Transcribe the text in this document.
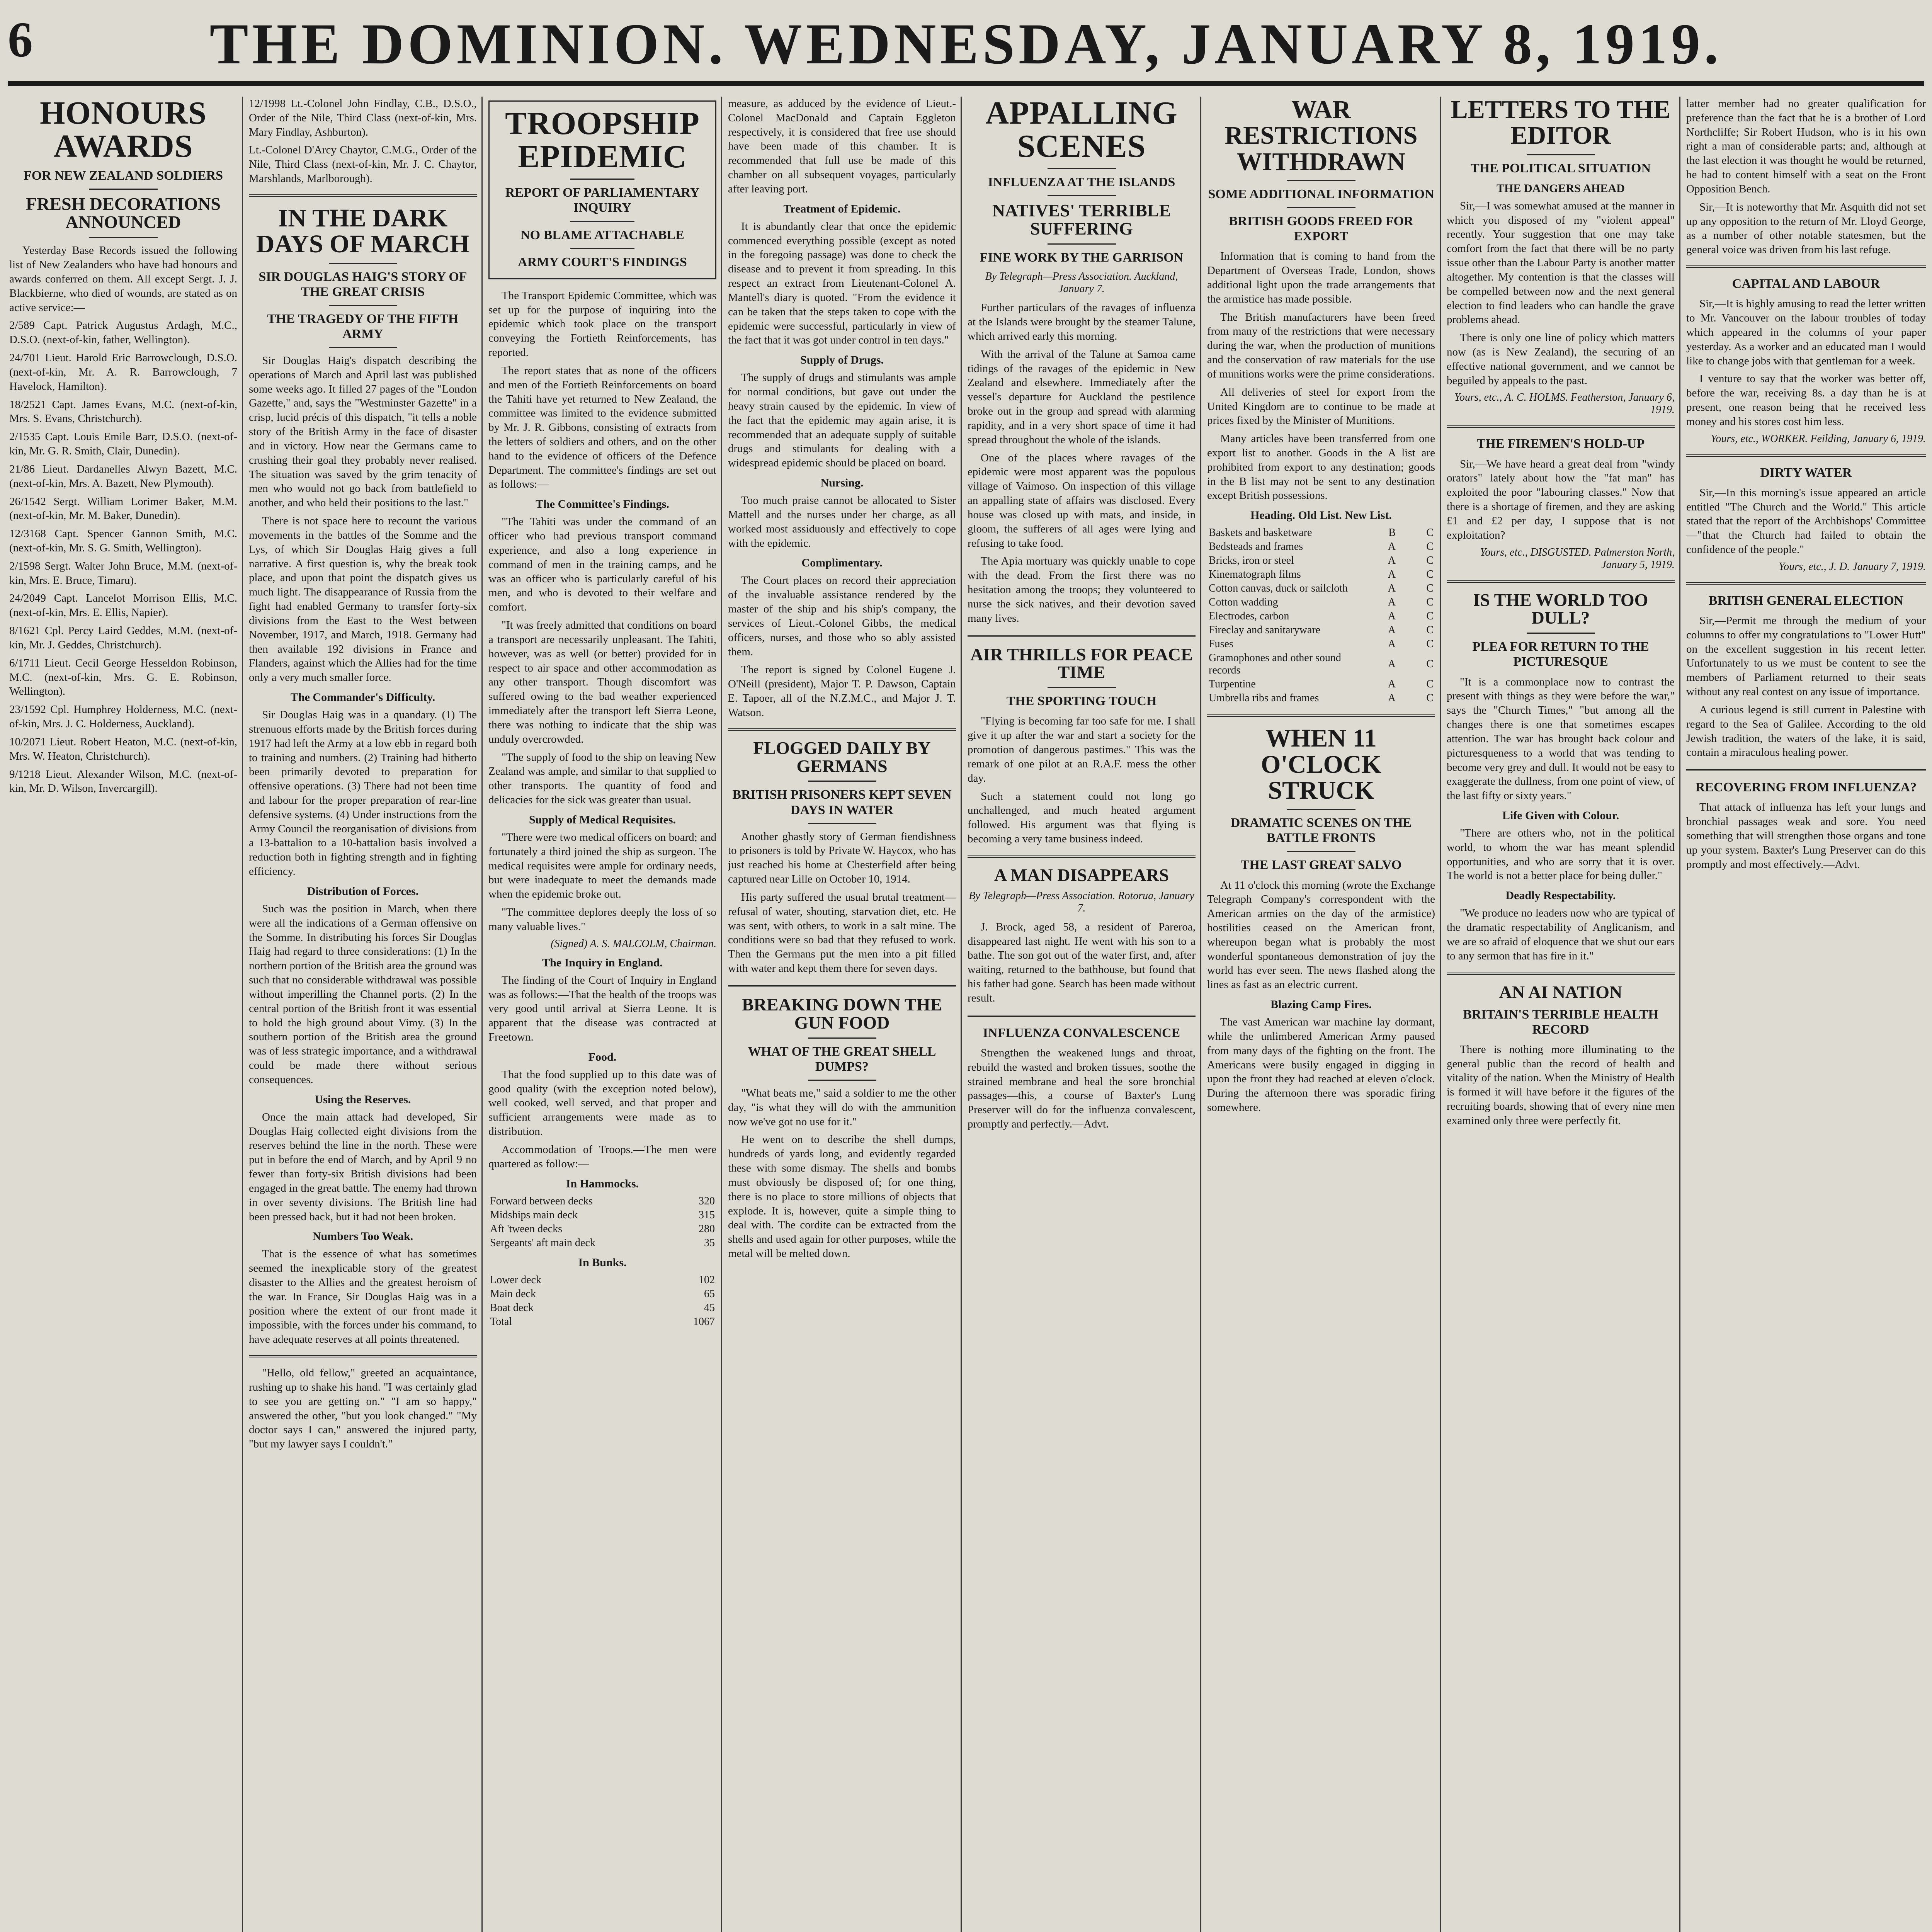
6	THE DOMINION. WEDNESDAY, JANUARY 8, 1919.
HONOURS AWARDS
FOR NEW ZEALAND SOLDIERS
FRESH DECORATIONS ANNOUNCED

Yesterday Base Records issued the following list of New Zealanders who have had honours and awards conferred on them. All except Sergt. J. J. Blackbierne, who died of wounds, are stated as on active service:—

2/589 Capt. Patrick Augustus Ardagh, M.C., D.S.O. (next-of-kin, father, Wellington).

24/701 Lieut. Harold Eric Barrowclough, D.S.O. (next-of-kin, Mr. A. R. Barrowclough, 7 Havelock, Hamilton).

18/2521 Capt. James Evans, M.C. (next-of-kin, Mrs. S. Evans, Christchurch).

2/1535 Capt. Louis Emile Barr, D.S.O. (next-of-kin, Mr. G. R. Smith, Clair, Dunedin).

21/86 Lieut. Dardanelles Alwyn Bazett, M.C. (next-of-kin, Mrs. A. Bazett, New Plymouth).

26/1542 Sergt. William Lorimer Baker, M.M. (next-of-kin, Mr. M. Baker, Dunedin).

12/3168 Capt. Spencer Gannon Smith, M.C. (next-of-kin, Mr. S. G. Smith, Wellington).

2/1598 Sergt. Walter John Bruce, M.M. (next-of-kin, Mrs. E. Bruce, Timaru).

24/2049 Capt. Lancelot Morrison Ellis, M.C. (next-of-kin, Mrs. E. Ellis, Napier).

8/1621 Cpl. Percy Laird Geddes, M.M. (next-of-kin, Mr. J. Geddes, Christchurch).

6/1711 Lieut. Cecil George Hesseldon Robinson, M.C. (next-of-kin, Mrs. G. E. Robinson, Wellington).

23/1592 Cpl. Humphrey Holderness, M.C. (next-of-kin, Mrs. J. C. Holderness, Auckland).

10/2071 Lieut. Robert Heaton, M.C. (next-of-kin, Mrs. W. Heaton, Christchurch).

9/1218 Lieut. Alexander Wilson, M.C. (next-of-kin, Mr. D. Wilson, Invercargill).

12/1998 Lt.-Colonel John Findlay, C.B., D.S.O., Order of the Nile, Third Class (next-of-kin, Mrs. Mary Findlay, Ashburton).

Lt.-Colonel D'Arcy Chaytor, C.M.G., Order of the Nile, Third Class (next-of-kin, Mr. J. C. Chaytor, Marshlands, Marlborough).

IN THE DARK DAYS OF MARCH
SIR DOUGLAS HAIG'S STORY OF THE GREAT CRISIS
THE TRAGEDY OF THE FIFTH ARMY

Sir Douglas Haig's dispatch describing the operations of March and April last was published some weeks ago. It filled 27 pages of the "London Gazette," and, says the "Westminster Gazette" in a crisp, lucid précis of this dispatch, "it tells a noble story of the British Army in the face of disaster and in victory. How near the Germans came to crushing their goal they probably never realised. The situation was saved by the grim tenacity of men who would not go back from battlefield to another, and who held their positions to the last."

There is not space here to recount the various movements in the battles of the Somme and the Lys, of which Sir Douglas Haig gives a full narrative. A first question is, why the break took place, and upon that point the dispatch gives us much light. The disappearance of Russia from the fight had enabled Germany to transfer forty-six divisions from the East to the West between November, 1917, and March, 1918. Germany had then available 192 divisions in France and Flanders, against which the Allies had for the time only a very much smaller force.

The Commander's Difficulty.

Sir Douglas Haig was in a quandary. (1) The strenuous efforts made by the British forces during 1917 had left the Army at a low ebb in regard both to training and numbers. (2) Training had hitherto been primarily devoted to preparation for offensive operations. (3) There had not been time and labour for the proper preparation of rear-line defensive systems. (4) Under instructions from the Army Council the reorganisation of divisions from a 13-battalion to a 10-battalion basis involved a reduction both in fighting strength and in fighting efficiency.

Distribution of Forces.

Such was the position in March, when there were all the indications of a German offensive on the Somme. In distributing his forces Sir Douglas Haig had regard to three considerations: (1) In the northern portion of the British area the ground was such that no considerable withdrawal was possible without imperilling the Channel ports. (2) In the central portion of the British front it was essential to hold the high ground about Vimy. (3) In the southern portion of the British area the ground was of less strategic importance, and a withdrawal could be made there without serious consequences.

Using the Reserves.

Once the main attack had developed, Sir Douglas Haig collected eight divisions from the reserves behind the line in the north. These were put in before the end of March, and by April 9 no fewer than forty-six British divisions had been engaged in the great battle. The enemy had thrown in over seventy divisions. The British line had been pressed back, but it had not been broken.

Numbers Too Weak.

That is the essence of what has sometimes seemed the inexplicable story of the greatest disaster to the Allies and the greatest heroism of the war. In France, Sir Douglas Haig was in a position where the extent of our front made it impossible, with the forces under his command, to have adequate reserves at all points threatened.

"Hello, old fellow," greeted an acquaintance, rushing up to shake his hand. "I was certainly glad to see you are getting on." "I am so happy," answered the other, "but you look changed." "My doctor says I can," answered the injured party, "but my lawyer says I couldn't."

TROOPSHIP EPIDEMIC
REPORT OF PARLIAMENTARY INQUIRY
NO BLAME ATTACHABLE
ARMY COURT'S FINDINGS

The Transport Epidemic Committee, which was set up for the purpose of inquiring into the epidemic which took place on the transport conveying the Fortieth Reinforcements, has reported.

The report states that as none of the officers and men of the Fortieth Reinforcements on board the Tahiti have yet returned to New Zealand, the committee was limited to the evidence submitted by Mr. J. R. Gibbons, consisting of extracts from the letters of soldiers and others, and on the other hand to the evidence of officers of the Defence Department. The committee's findings are set out as follows:—

The Committee's Findings.

"The Tahiti was under the command of an officer who had previous transport command experience, and also a long experience in command of men in the training camps, and he was an officer who is particularly careful of his men, and who is devoted to their welfare and comfort.

"It was freely admitted that conditions on board a transport are necessarily unpleasant. The Tahiti, however, was as well (or better) provided for in respect to air space and other accommodation as any other transport. Though discomfort was suffered owing to the bad weather experienced immediately after the transport left Sierra Leone, there was nothing to indicate that the ship was unduly overcrowded.

"The supply of food to the ship on leaving New Zealand was ample, and similar to that supplied to other transports. The quantity of food and delicacies for the sick was greater than usual.

Supply of Medical Requisites.

"There were two medical officers on board; and fortunately a third joined the ship as surgeon. The medical requisites were ample for ordinary needs, but were inadequate to meet the demands made when the epidemic broke out.

"The committee deplores deeply the loss of so many valuable lives."

(Signed) A. S. MALCOLM, Chairman.

The Inquiry in England.

The finding of the Court of Inquiry in England was as follows:—That the health of the troops was very good until arrival at Sierra Leone. It is apparent that the disease was contracted at Freetown.

Food.

That the food supplied up to this date was of good quality (with the exception noted below), well cooked, well served, and that proper and sufficient arrangements were made as to distribution.

Accommodation of Troops.—The men were quartered as follow:—

In Hammocks.
Forward between decks	320
Midships main deck	315
Aft 'tween decks	280
Sergeants' aft main deck	35
In Bunks.
Lower deck	102
Main deck	65
Boat deck	45
Total	1067

measure, as adduced by the evidence of Lieut.-Colonel MacDonald and Captain Eggleton respectively, it is considered that free use should have been made of this chamber. It is recommended that full use be made of this chamber on all subsequent voyages, particularly after leaving port.

Treatment of Epidemic.

It is abundantly clear that once the epidemic commenced everything possible (except as noted in the foregoing passage) was done to check the disease and to prevent it from spreading. In this respect an extract from Lieutenant-Colonel A. Mantell's diary is quoted. "From the evidence it can be taken that the steps taken to cope with the epidemic were successful, particularly in view of the fact that it was got under control in ten days."

Supply of Drugs.

The supply of drugs and stimulants was ample for normal conditions, but gave out under the heavy strain caused by the epidemic. In view of the fact that the epidemic may again arise, it is recommended that an adequate supply of suitable drugs and stimulants for dealing with a widespread epidemic should be placed on board.

Nursing.

Too much praise cannot be allocated to Sister Mattell and the nurses under her charge, as all worked most assiduously and effectively to cope with the epidemic.

Complimentary.

The Court places on record their appreciation of the invaluable assistance rendered by the master of the ship and his ship's company, the services of Lieut.-Colonel Gibbs, the medical officers, nurses, and those who so ably assisted them.

The report is signed by Colonel Eugene J. O'Neill (president), Major T. P. Dawson, Captain E. Tapoer, all of the N.Z.M.C., and Major J. T. Watson.

FLOGGED DAILY BY GERMANS
BRITISH PRISONERS KEPT SEVEN DAYS IN WATER

Another ghastly story of German fiendishness to prisoners is told by Private W. Haycox, who has just reached his home at Chesterfield after being captured near Lille on October 10, 1914.

His party suffered the usual brutal treatment—refusal of water, shouting, starvation diet, etc. He was sent, with others, to work in a salt mine. The conditions were so bad that they refused to work. Then the Germans put the men into a pit filled with water and kept them there for seven days.

BREAKING DOWN THE GUN FOOD
WHAT OF THE GREAT SHELL DUMPS?

"What beats me," said a soldier to me the other day, "is what they will do with the ammunition now we've got no use for it."

He went on to describe the shell dumps, hundreds of yards long, and evidently regarded these with some dismay. The shells and bombs must obviously be disposed of; for one thing, there is no place to store millions of objects that explode. It is, however, quite a simple thing to deal with. The cordite can be extracted from the shells and used again for other purposes, while the metal will be melted down.

APPALLING SCENES
INFLUENZA AT THE ISLANDS
NATIVES' TERRIBLE SUFFERING
FINE WORK BY THE GARRISON
By Telegraph—Press Association. Auckland, January 7.

Further particulars of the ravages of influenza at the Islands were brought by the steamer Talune, which arrived early this morning.

With the arrival of the Talune at Samoa came tidings of the ravages of the epidemic in New Zealand and elsewhere. Immediately after the vessel's departure for Auckland the pestilence broke out in the group and spread with alarming rapidity, and in a very short space of time it had spread throughout the whole of the islands.

One of the places where ravages of the epidemic were most apparent was the populous village of Vaimoso. On inspection of this village an appalling state of affairs was disclosed. Every house was closed up with mats, and inside, in gloom, the sufferers of all ages were lying and refusing to take food.

The Apia mortuary was quickly unable to cope with the dead. From the first there was no hesitation among the troops; they volunteered to nurse the sick natives, and their devotion saved many lives.

AIR THRILLS FOR PEACE TIME
THE SPORTING TOUCH

"Flying is becoming far too safe for me. I shall give it up after the war and start a society for the promotion of dangerous pastimes." This was the remark of one pilot at an R.A.F. mess the other day.

Such a statement could not long go unchallenged, and much heated argument followed. His argument was that flying is becoming a very tame business indeed.

A MAN DISAPPEARS
By Telegraph—Press Association. Rotorua, January 7.

J. Brock, aged 58, a resident of Pareroa, disappeared last night. He went with his son to a bathe. The son got out of the water first, and, after waiting, returned to the bathhouse, but found that his father had gone. Search has been made without result.

INFLUENZA CONVALESCENCE

Strengthen the weakened lungs and throat, rebuild the wasted and broken tissues, soothe the strained membrane and heal the sore bronchial passages—this, a course of Baxter's Lung Preserver will do for the influenza convalescent, promptly and perfectly.—Advt.

WAR RESTRICTIONS WITHDRAWN
SOME ADDITIONAL INFORMATION
BRITISH GOODS FREED FOR EXPORT

Information that is coming to hand from the Department of Overseas Trade, London, shows additional light upon the trade arrangements that the armistice has made possible.

The British manufacturers have been freed from many of the restrictions that were necessary during the war, when the production of munitions and the conservation of raw materials for the use of munitions works were the prime considerations.

All deliveries of steel for export from the United Kingdom are to continue to be made at prices fixed by the Minister of Munitions.

Many articles have been transferred from one export list to another. Goods in the A list are prohibited from export to any destination; goods in the B list may not be sent to any destination except British possessions.

Heading. Old List. New List.
Baskets and basketware	B	C
Bedsteads and frames	A	C
Bricks, iron or steel	A	C
Kinematograph films	A	C
Cotton canvas, duck or sailcloth	A	C
Cotton wadding	A	C
Electrodes, carbon	A	C
Fireclay and sanitaryware	A	C
Fuses	A	C
Gramophones and other sound records	A	C
Turpentine	A	C
Umbrella ribs and frames	A	C
WHEN 11 O'CLOCK STRUCK
DRAMATIC SCENES ON THE BATTLE FRONTS
THE LAST GREAT SALVO

At 11 o'clock this morning (wrote the Exchange Telegraph Company's correspondent with the American armies on the day of the armistice) hostilities ceased on the American front, whereupon began what is probably the most wonderful spontaneous demonstration of joy the world has ever seen. The news flashed along the lines as fast as an electric current.

Blazing Camp Fires.

The vast American war machine lay dormant, while the unlimbered American Army paused from many days of the fighting on the front. The Americans were busily engaged in digging in upon the front they had reached at eleven o'clock. During the afternoon there was sporadic firing somewhere.

LETTERS TO THE EDITOR
THE POLITICAL SITUATION
THE DANGERS AHEAD

Sir,—I was somewhat amused at the manner in which you disposed of my "violent appeal" recently. Your suggestion that one may take comfort from the fact that there will be no party issue other than the Labour Party is another matter altogether. My contention is that the classes will be compelled between now and the next general election to find leaders who can handle the grave problems ahead.

There is only one line of policy which matters now (as is New Zealand), the securing of an effective national government, and we cannot be beguiled by appeals to the past.

Yours, etc., A. C. HOLMS. Featherston, January 6, 1919.

THE FIREMEN'S HOLD-UP

Sir,—We have heard a great deal from "windy orators" lately about how the "fat man" has exploited the poor "labouring classes." Now that there is a shortage of firemen, and they are asking £1 and £2 per day, I suppose that is not exploitation?

Yours, etc., DISGUSTED. Palmerston North, January 5, 1919.

IS THE WORLD TOO DULL?
PLEA FOR RETURN TO THE PICTURESQUE

"It is a commonplace now to contrast the present with things as they were before the war," says the "Church Times," "but among all the changes there is one that sometimes escapes attention. The war has brought back colour and picturesqueness to a world that was tending to become very grey and dull. It would not be easy to exaggerate the dullness, from one point of view, of the last fifty or sixty years."

Life Given with Colour.

"There are others who, not in the political world, to whom the war has meant splendid opportunities, and who are sorry that it is over. The world is not a better place for being duller."

Deadly Respectability.

"We produce no leaders now who are typical of the dramatic respectability of Anglicanism, and we are so afraid of eloquence that we shut our ears to any sermon that has fire in it."

AN AI NATION
BRITAIN'S TERRIBLE HEALTH RECORD

There is nothing more illuminating to the general public than the record of health and vitality of the nation. When the Ministry of Health is formed it will have before it the figures of the recruiting boards, showing that of every nine men examined only three were perfectly fit.

latter member had no greater qualification for preference than the fact that he is a brother of Lord Northcliffe; Sir Robert Hudson, who is in his own right a man of considerable parts; and, although at the last election it was thought he would be returned, he had to content himself with a seat on the Front Opposition Bench.

Sir,—It is noteworthy that Mr. Asquith did not set up any opposition to the return of Mr. Lloyd George, as a number of other notable statesmen, but the general voice was driven from his last refuge.

CAPITAL AND LABOUR

Sir,—It is highly amusing to read the letter written to Mr. Vancouver on the labour troubles of today which appeared in the columns of your paper yesterday. As a worker and an educated man I would like to change jobs with that gentleman for a week.

I venture to say that the worker was better off, before the war, receiving 8s. a day than he is at present, one reason being that he received less money and his stores cost him less.

Yours, etc., WORKER. Feilding, January 6, 1919.

DIRTY WATER

Sir,—In this morning's issue appeared an article entitled "The Church and the World." This article stated that the report of the Archbishops' Committee—"that the Church had failed to obtain the confidence of the people."

Yours, etc., J. D. January 7, 1919.

BRITISH GENERAL ELECTION

Sir,—Permit me through the medium of your columns to offer my congratulations to "Lower Hutt" on the excellent suggestion in his recent letter. Unfortunately to us we must be content to see the members of Parliament returned to their seats without any real contest on any issue of importance.

A curious legend is still current in Palestine with regard to the Sea of Galilee. According to the old Jewish tradition, the waters of the lake, it is said, contain a miraculous healing power.

RECOVERING FROM INFLUENZA?

That attack of influenza has left your lungs and bronchial passages weak and sore. You need something that will strengthen those organs and tone up your system. Baxter's Lung Preserver can do this promptly and most effectively.—Advt.
